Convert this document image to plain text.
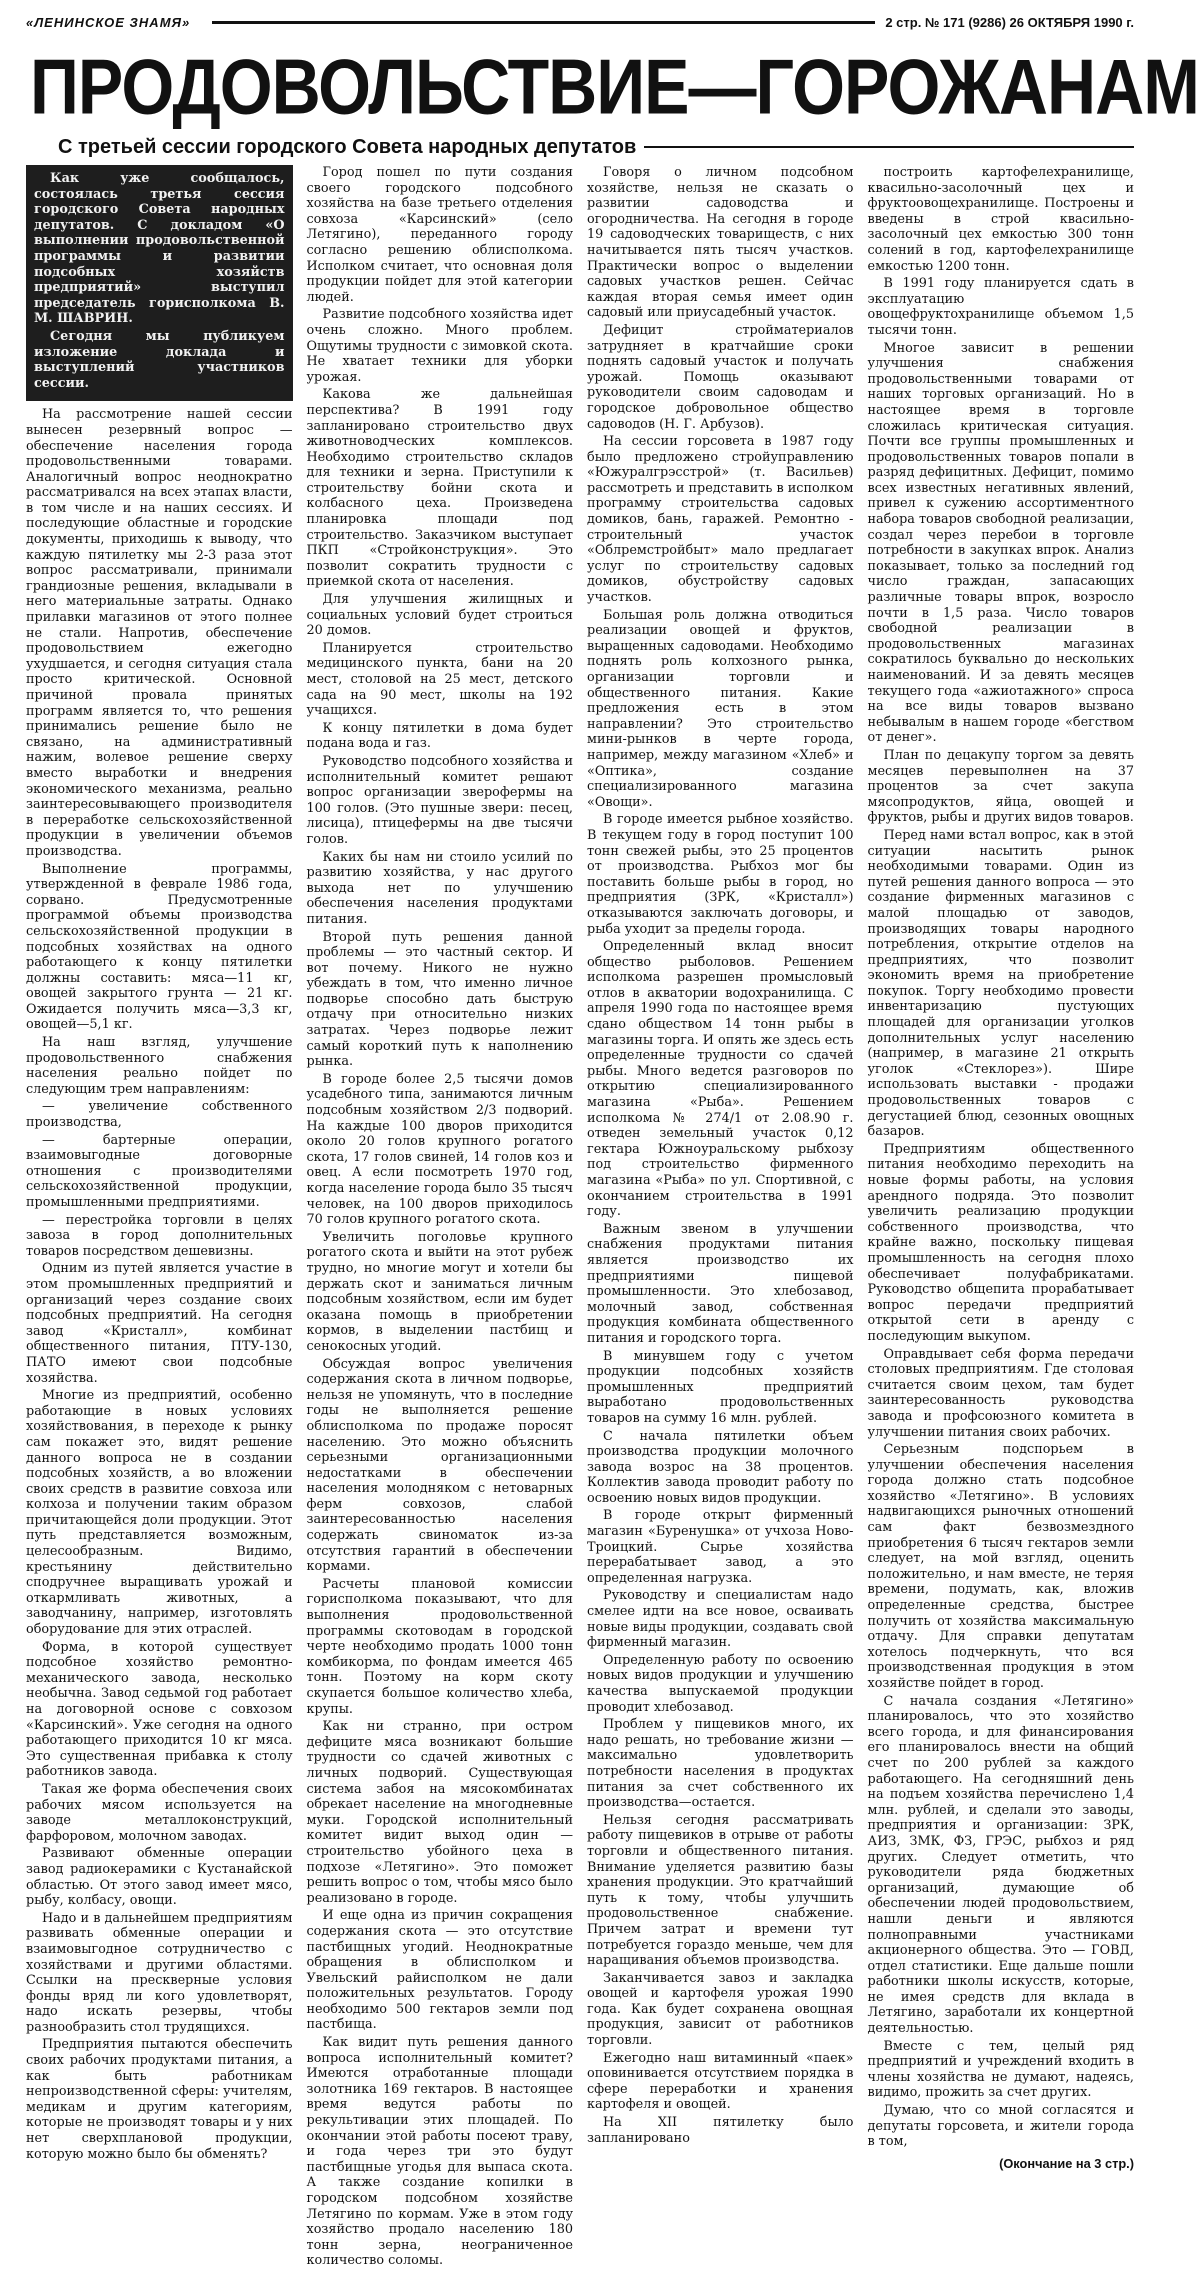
«ЛЕНИНСКОЕ ЗНАМЯ»	2 стр. № 171 (9286) 26 ОКТЯБРЯ 1990 г.
ПРОДОВОЛЬСТВИЕ—ГОРОЖАНАМ
С третьей сессии городского Совета народных депутатов

Как уже сообщалось, состоялась третья сессия городского Совета народных депутатов. С докладом «О выполнении продовольственной программы и развитии подсобных хозяйств предприятий» выступил председатель горисполкома В. М. ШАВРИН.

Сегодня мы публикуем изложение доклада и выступлений участников сессии.

На рассмотрение нашей сессии вынесен резервный вопрос — обеспечение населения города продовольственными товарами. Аналогичный вопрос неоднократно рассматривался на всех этапах власти, в том числе и на наших сессиях. И последующие областные и городские документы, приходишь к выводу, что каждую пятилетку мы 2-3 раза этот вопрос рассматривали, принимали грандиозные решения, вкладывали в него материальные затраты. Однако прилавки магазинов от этого полнее не стали. Напротив, обеспечение продовольствием ежегодно ухудшается, и сегодня ситуация стала просто критической. Основной причиной провала принятых программ является то, что решения принимались решение было не связано, на административный нажим, волевое решение сверху вместо выработки и внедрения экономического механизма, реально заинтересовывающего производителя в переработке сельскохозяйственной продукции в увеличении объемов производства.

Выполнение программы, утвержденной в феврале 1986 года, сорвано. Предусмотренные программой объемы производства сельскохозяйственной продукции в подсобных хозяйствах на одного работающего к концу пятилетки должны составить: мяса—11 кг, овощей закрытого грунта — 21 кг. Ожидается получить мяса—3,3 кг, овощей—5,1 кг.

На наш взгляд, улучшение продовольственного снабжения населения реально пойдет по следующим трем направлениям:

— увеличение собственного производства,

— бартерные операции, взаимовыгодные договорные отношения с производителями сельскохозяйственной продукции, промышленными предприятиями.

— перестройка торговли в целях завоза в город дополнительных товаров посредством дешевизны.

Одним из путей является участие в этом промышленных предприятий и организаций через создание своих подсобных предприятий. На сегодня завод «Кристалл», комбинат общественного питания, ПТУ-130, ПАТО имеют свои подсобные хозяйства.

Многие из предприятий, особенно работающие в новых условиях хозяйствования, в переходе к рынку сам покажет это, видят решение данного вопроса не в создании подсобных хозяйств, а во вложении своих средств в развитие совхоза или колхоза и получении таким образом причитающейся доли продукции. Этот путь представляется возможным, целесообразным. Видимо, крестьянину действительно сподручнее выращивать урожай и откармливать животных, а заводчанину, например, изготовлять оборудование для этих отраслей.

Форма, в которой существует подсобное хозяйство ремонтно-механического завода, несколько необычна. Завод седьмой год работает на договорной основе с совхозом «Карсинский». Уже сегодня на одного работающего приходится 10 кг мяса. Это существенная прибавка к столу работников завода.

Такая же форма обеспечения своих рабочих мясом используется на заводе металлоконструкций, фарфоровом, молочном заводах.

Развивают обменные операции завод радиокерамики с Кустанайской областью. От этого завод имеет мясо, рыбу, колбасу, овощи.

Надо и в дальнейшем предприятиям развивать обменные операции и взаимовыгодное сотрудничество с хозяйствами и другими областями. Ссылки на прескверные условия фонды вряд ли кого удовлетворят, надо искать резервы, чтобы разнообразить стол трудящихся.

Предприятия пытаются обеспечить своих рабочих продуктами питания, а как быть работникам непроизводственной сферы: учителям, медикам и другим категориям, которые не производят товары и у них нет сверхплановой продукции, которую можно было бы обменять?

Город пошел по пути создания своего городского подсобного хозяйства на базе третьего отделения совхоза «Карсинский» (село Летягино), переданного городу согласно решению облисполкома. Исполком считает, что основная доля продукции пойдет для этой категории людей.

Развитие подсобного хозяйства идет очень сложно. Много проблем. Ощутимы трудности с зимовкой скота. Не хватает техники для уборки урожая.

Какова же дальнейшая перспектива? В 1991 году запланировано строительство двух животноводческих комплексов. Необходимо строительство складов для техники и зерна. Приступили к строительству бойни скота и колбасного цеха. Произведена планировка площади под строительство. Заказчиком выступает ПКП «Стройконструкция». Это позволит сократить трудности с приемкой скота от населения.

Для улучшения жилищных и социальных условий будет строиться 20 домов.

Планируется строительство медицинского пункта, бани на 20 мест, столовой на 25 мест, детского сада на 90 мест, школы на 192 учащихся.

К концу пятилетки в дома будет подана вода и газ.

Руководство подсобного хозяйства и исполнительный комитет решают вопрос организации зверофермы на 100 голов. (Это пушные звери: песец, лисица), птицефермы на две тысячи голов.

Каких бы нам ни стоило усилий по развитию хозяйства, у нас другого выхода нет по улучшению обеспечения населения продуктами питания.

Второй путь решения данной проблемы — это частный сектор. И вот почему. Никого не нужно убеждать в том, что именно личное подворье способно дать быструю отдачу при относительно низких затратах. Через подворье лежит самый короткий путь к наполнению рынка.

В городе более 2,5 тысячи домов усадебного типа, занимаются личным подсобным хозяйством 2/3 подворий. На каждые 100 дворов приходится около 20 голов крупного рогатого скота, 17 голов свиней, 14 голов коз и овец. А если посмотреть 1970 год, когда население города было 35 тысяч человек, на 100 дворов приходилось 70 голов крупного рогатого скота.

Увеличить поголовье крупного рогатого скота и выйти на этот рубеж трудно, но многие могут и хотели бы держать скот и заниматься личным подсобным хозяйством, если им будет оказана помощь в приобретении кормов, в выделении пастбищ и сенокосных угодий.

Обсуждая вопрос увеличения содержания скота в личном подворье, нельзя не упомянуть, что в последние годы не выполняется решение облисполкома по продаже поросят населению. Это можно объяснить серьезными организационными недостатками в обеспечении населения молодняком с нетоварных ферм совхозов, слабой заинтересованностью населения содержать свиноматок из-за отсутствия гарантий в обеспечении кормами.

Расчеты плановой комиссии горисполкома показывают, что для выполнения продовольственной программы скотоводам в городской черте необходимо продать 1000 тонн комбикорма, по фондам имеется 465 тонн. Поэтому на корм скоту скупается большое количество хлеба, крупы.

Как ни странно, при остром дефиците мяса возникают большие трудности со сдачей животных с личных подворий. Существующая система забоя на мясокомбинатах обрекает население на многодневные муки. Городской исполнительный комитет видит выход один — строительство убойного цеха в подхозе «Летягино». Это поможет решить вопрос о том, чтобы мясо было реализовано в городе.

И еще одна из причин сокращения содержания скота — это отсутствие пастбищных угодий. Неоднократные обращения в облисполком и Увельский райисполком не дали положительных результатов. Городу необходимо 500 гектаров земли под пастбища.

Как видит путь решения данного вопроса исполнительный комитет? Имеются отработанные площади золотника 169 гектаров. В настоящее время ведутся работы по рекультивации этих площадей. По окончании этой работы посеют траву, и года через три это будут пастбищные угодья для выпаса скота. А также создание копилки в городском подсобном хозяйстве Летягино по кормам. Уже в этом году хозяйство продало населению 180 тонн зерна, неограниченное количество соломы.

Говоря о личном подсобном хозяйстве, нельзя не сказать о развитии садоводства и огородничества. На сегодня в городе 19 садоводческих товариществ, с них начитывается пять тысяч участков. Практически вопрос о выделении садовых участков решен. Сейчас каждая вторая семья имеет один садовый или приусадебный участок.

Дефицит стройматериалов затрудняет в кратчайшие сроки поднять садовый участок и получать урожай. Помощь оказывают руководители своим садоводам и городское добровольное общество садоводов (Н. Г. Арбузов).

На сессии горсовета в 1987 году было предложено стройуправлению «Южуралгрэсстрой» (т. Васильев) рассмотреть и представить в исполком программу строительства садовых домиков, бань, гаражей. Ремонтно - строительный участок «Облремстройбыт» мало предлагает услуг по строительству садовых домиков, обустройству садовых участков.

Большая роль должна отводиться реализации овощей и фруктов, выращенных садоводами. Необходимо поднять роль колхозного рынка, организации торговли и общественного питания. Какие предложения есть в этом направлении? Это строительство мини-рынков в черте города, например, между магазином «Хлеб» и «Оптика», создание специализированного магазина «Овощи».

В городе имеется рыбное хозяйство. В текущем году в город поступит 100 тонн свежей рыбы, это 25 процентов от производства. Рыбхоз мог бы поставить больше рыбы в город, но предприятия (ЗРК, «Кристалл») отказываются заключать договоры, и рыба уходит за пределы города.

Определенный вклад вносит общество рыболовов. Решением исполкома разрешен промысловый отлов в акватории водохранилища. С апреля 1990 года по настоящее время сдано обществом 14 тонн рыбы в магазины торга. И опять же здесь есть определенные трудности со сдачей рыбы. Много ведется разговоров по открытию специализированного магазина «Рыба». Решением исполкома № 274/1 от 2.08.90 г. отведен земельный участок 0,12 гектара Южноуральскому рыбхозу под строительство фирменного магазина «Рыба» по ул. Спортивной, с окончанием строительства в 1991 году.

Важным звеном в улучшении снабжения продуктами питания является производство их предприятиями пищевой промышленности. Это хлебозавод, молочный завод, собственная продукция комбината общественного питания и городского торга.

В минувшем году с учетом продукции подсобных хозяйств промышленных предприятий выработано продовольственных товаров на сумму 16 млн. рублей.

С начала пятилетки объем производства продукции молочного завода возрос на 38 процентов. Коллектив завода проводит работу по освоению новых видов продукции.

В городе открыт фирменный магазин «Буренушка» от учхоза Ново-Троицкий. Сырье хозяйства перерабатывает завод, а это определенная нагрузка.

Руководству и специалистам надо смелее идти на все новое, осваивать новые виды продукции, создавать свой фирменный магазин.

Определенную работу по освоению новых видов продукции и улучшению качества выпускаемой продукции проводит хлебозавод.

Проблем у пищевиков много, их надо решать, но требование жизни — максимально удовлетворить потребности населения в продуктах питания за счет собственного их производства—остается.

Нельзя сегодня рассматривать работу пищевиков в отрыве от работы торговли и общественного питания. Внимание уделяется развитию базы хранения продукции. Это кратчайший путь к тому, чтобы улучшить продовольственное снабжение. Причем затрат и времени тут потребуется гораздо меньше, чем для наращивания объемов производства.

Заканчивается завоз и закладка овощей и картофеля урожая 1990 года. Как будет сохранена овощная продукция, зависит от работников торговли.

Ежегодно наш витаминный «паек» оповинивается отсутствием порядка в сфере переработки и хранения картофеля и овощей.

На XII пятилетку было запланировано

построить картофелехранилище, квасильно-засолочный цех и фруктоовощехранилище. Построены и введены в строй квасильно-засолочный цех емкостью 300 тонн солений в год, картофелехранилище емкостью 1200 тонн.

В 1991 году планируется сдать в эксплуатацию овощефруктохранилище объемом 1,5 тысячи тонн.

Многое зависит в решении улучшения снабжения продовольственными товарами от наших торговых организаций. Но в настоящее время в торговле сложилась критическая ситуация. Почти все группы промышленных и продовольственных товаров попали в разряд дефицитных. Дефицит, помимо всех известных негативных явлений, привел к сужению ассортиментного набора товаров свободной реализации, создал через перебои в торговле потребности в закупках впрок. Анализ показывает, только за последний год число граждан, запасающих различные товары впрок, возросло почти в 1,5 раза. Число товаров свободной реализации в продовольственных магазинах сократилось буквально до нескольких наименований. И за девять месяцев текущего года «ажиотажного» спроса на все виды товаров вызвано небывалым в нашем городе «бегством от денег».

План по децакупу торгом за девять месяцев перевыполнен на 37 процентов за счет закупа мясопродуктов, яйца, овощей и фруктов, рыбы и других видов товаров.

Перед нами встал вопрос, как в этой ситуации насытить рынок необходимыми товарами. Один из путей решения данного вопроса — это создание фирменных магазинов с малой площадью от заводов, производящих товары народного потребления, открытие отделов на предприятиях, что позволит экономить время на приобретение покупок. Торгу необходимо провести инвентаризацию пустующих площадей для организации уголков дополнительных услуг населению (например, в магазине 21 открыть уголок «Стеклорез»). Шире использовать выставки - продажи продовольственных товаров с дегустацией блюд, сезонных овощных базаров.

Предприятиям общественного питания необходимо переходить на новые формы работы, на условия арендного подряда. Это позволит увеличить реализацию продукции собственного производства, что крайне важно, поскольку пищевая промышленность на сегодня плохо обеспечивает полуфабрикатами. Руководство общепита прорабатывает вопрос передачи предприятий открытой сети в аренду с последующим выкупом.

Оправдывает себя форма передачи столовых предприятиям. Где столовая считается своим цехом, там будет заинтересованность руководства завода и профсоюзного комитета в улучшении питания своих рабочих.

Серьезным подспорьем в улучшении обеспечения населения города должно стать подсобное хозяйство «Летягино». В условиях надвигающихся рыночных отношений сам факт безвозмездного приобретения 6 тысяч гектаров земли следует, на мой взгляд, оценить положительно, и нам вместе, не теряя времени, подумать, как, вложив определенные средства, быстрее получить от хозяйства максимальную отдачу. Для справки депутатам хотелось подчеркнуть, что вся производственная продукция в этом хозяйстве пойдет в город.

С начала создания «Летягино» планировалось, что это хозяйство всего города, и для финансирования его планировалось внести на общий счет по 200 рублей за каждого работающего. На сегодняшний день на подъем хозяйства перечислено 1,4 млн. рублей, и сделали это заводы, предприятия и организации: ЗРК, АИЗ, ЗМК, ФЗ, ГРЭС, рыбхоз и ряд других. Следует отметить, что руководители ряда бюджетных организаций, думающие об обеспечении людей продовольствием, нашли деньги и являются полноправными участниками акционерного общества. Это — ГОВД, отдел статистики. Еще дальше пошли работники школы искусств, которые, не имея средств для вклада в Летягино, заработали их концертной деятельностью.

Вместе с тем, целый ряд предприятий и учреждений входить в члены хозяйства не думают, надеясь, видимо, прожить за счет других.

Думаю, что со мной согласятся и депутаты горсовета, и жители города в том,

(Окончание на 3 стр.)
